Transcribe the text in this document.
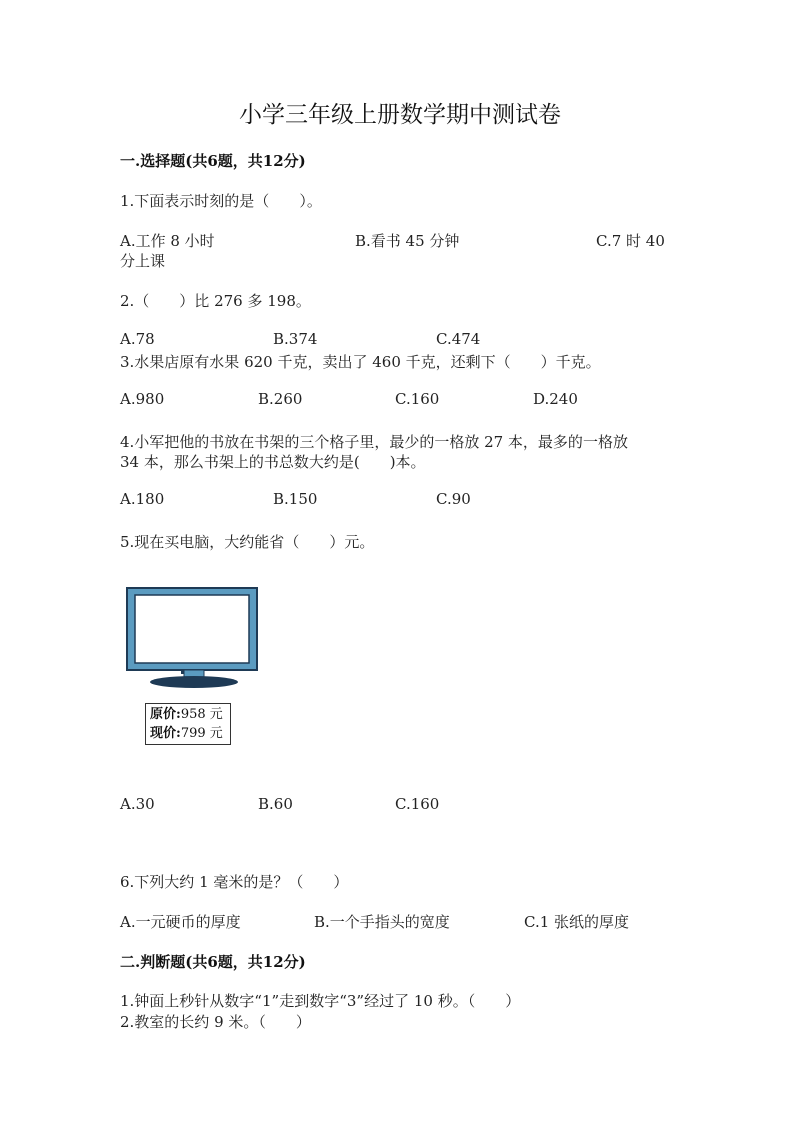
小学三年级上册数学期中测试卷
一.选择题(共6题，共12分)
1.下面表示时刻的是（　　）。
A.工作 8 小时	B.看书 45 分钟	C.7 时 40
分上课
2.（　　）比 276 多 198。
A.78	B.374	C.474
3.水果店原有水果 620 千克，卖出了 460 千克，还剩下（　　）千克。
A.980	B.260	C.160	D.240
4.小军把他的书放在书架的三个格子里，最少的一格放 27 本，最多的一格放
34 本，那么书架上的书总数大约是(　　)本。
A.180	B.150	C.90
5.现在买电脑，大约能省（　　）元。
原价:958 元
现价:799 元
A.30	B.60	C.160
6.下列大约 1 毫米的是？（　　）
A.一元硬币的厚度	B.一个手指头的宽度	C.1 张纸的厚度
二.判断题(共6题，共12分)
1.钟面上秒针从数字“1”走到数字“3”经过了 10 秒。（　　）
2.教室的长约 9 米。（　　）
